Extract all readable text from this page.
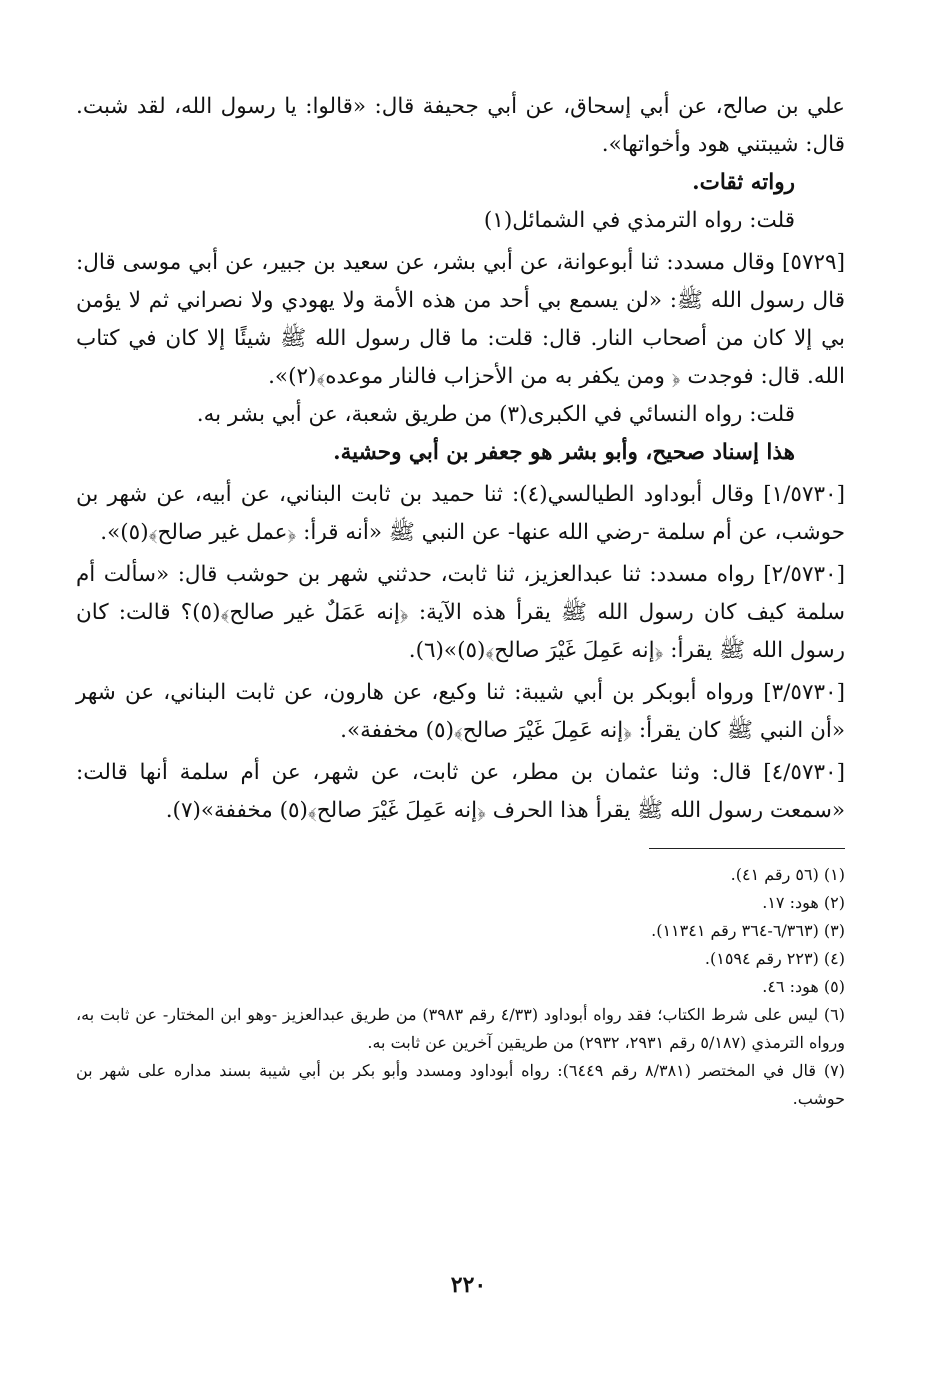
علي بن صالح، عن أبي إسحاق، عن أبي جحيفة قال: «قالوا: يا رسول الله، لقد شبت. قال: شيبتني هود وأخواتها».

رواته ثقات.

قلت: رواه الترمذي في الشمائل(١)

[٥٧٢٩] وقال مسدد: ثنا أبوعوانة، عن أبي بشر، عن سعيد بن جبير، عن أبي موسى قال: قال رسول الله ﷺ: «لن يسمع بي أحد من هذه الأمة ولا يهودي ولا نصراني ثم لا يؤمن بي إلا كان من أصحاب النار. قال: قلت: ما قال رسول الله ﷺ شيئًا إلا كان في كتاب الله. قال: فوجدت ﴿ ومن يكفر به من الأحزاب فالنار موعده﴾(٢)».

قلت: رواه النسائي في الكبرى(٣) من طريق شعبة، عن أبي بشر به.

هذا إسناد صحيح، وأبو بشر هو جعفر بن أبي وحشية.

[١/٥٧٣٠] وقال أبوداود الطيالسي(٤): ثنا حميد بن ثابت البناني، عن أبيه، عن شهر بن حوشب، عن أم سلمة -رضي الله عنها- عن النبي ﷺ «أنه قرأ: ﴿عمل غير صالح﴾(٥)».

[٢/٥٧٣٠] رواه مسدد: ثنا عبدالعزيز، ثنا ثابت، حدثني شهر بن حوشب قال: «سألت أم سلمة كيف كان رسول الله ﷺ يقرأ هذه الآية: ﴿إنه عَمَلٌ غير صالح﴾(٥)؟ قالت: كان رسول الله ﷺ يقرأ: ﴿إنه عَمِلَ غَيْرَ صالح﴾(٥)»(٦).

[٣/٥٧٣٠] ورواه أبوبكر بن أبي شيبة: ثنا وكيع، عن هارون، عن ثابت البناني، عن شهر «أن النبي ﷺ كان يقرأ: ﴿إنه عَمِلَ غَيْرَ صالح﴾(٥) مخففة».

[٤/٥٧٣٠] قال: وثنا عثمان بن مطر، عن ثابت، عن شهر، عن أم سلمة أنها قالت: «سمعت رسول الله ﷺ يقرأ هذا الحرف ﴿إنه عَمِلَ غَيْرَ صالح﴾(٥) مخففة»(٧).

(١) (٥٦ رقم ٤١).

(٢) هود: ١٧.

(٣) (٦/٣٦٣-٣٦٤ رقم ١١٣٤١).

(٤) (٢٢٣ رقم ١٥٩٤).

(٥) هود: ٤٦.

(٦) ليس على شرط الكتاب؛ فقد رواه أبوداود (٤/٣٣ رقم ٣٩٨٣) من طريق عبدالعزيز -وهو ابن المختار- عن ثابت به، ورواه الترمذي (٥/١٨٧ رقم ٢٩٣١، ٢٩٣٢) من طريقين آخرين عن ثابت به.

(٧) قال في المختصر (٨/٣٨١ رقم ٦٤٤٩): رواه أبوداود ومسدد وأبو بكر بن أبي شيبة بسند مداره على شهر بن حوشب.

٢٢٠
